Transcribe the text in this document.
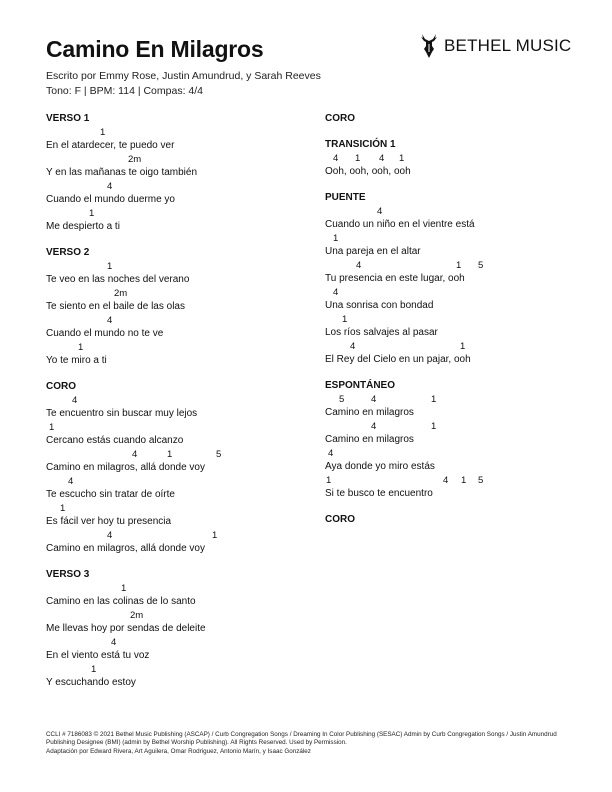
Camino En Milagros
Escrito por Emmy Rose, Justin Amundrud, y Sarah Reeves
Tono: F | BPM: 114 | Compas: 4/4
BETHEL MUSIC
VERSO 1
1
En el atardecer, te puedo ver
2m
Y en las mañanas te oigo también
4
Cuando el mundo duerme yo
1
Me despierto a ti
VERSO 2
1
Te veo en las noches del verano
2m
Te siento en el baile de las olas
4
Cuando el mundo no te ve
1
Yo te miro a ti
CORO
4
Te encuentro sin buscar muy lejos
1
Cercano estás cuando alcanzo

4

	1

	5

Camino en milagros, allá donde voy
4
Te escucho sin tratar de oírte
1
Es fácil ver hoy tu presencia

4

	1

Camino en milagros, allá donde voy
VERSO 3
1
Camino en las colinas de lo santo
2m
Me llevas hoy por sendas de deleite
4
En el viento está tu voz
1
Y escuchando estoy
CORO
TRANSICIÓN 1

4

1

4

1

Ooh, ooh, ooh, ooh
PUENTE
4
Cuando un niño en el vientre está
1
Una pareja en el altar

4

	1

5

Tu presencia en este lugar, ooh
4
Una sonrisa con bondad
1
Los ríos salvajes al pasar

4

	1

El Rey del Cielo en un pajar, ooh
ESPONTÁNEO

5

	4

	1

Camino en milagros

4

	1

Camino en milagros
4
Aya donde yo miro estás

1

	4

1

5

Si te busco te encuentro
CORO
CCLI # 7186083 © 2021 Bethel Music Publishing (ASCAP) / Curb Congregation Songs / Dreaming In Color Publishing (SESAC) Admin by Curb Congregation Songs / Justin Amundrud Publishing Designee (BMI) (admin by Bethel Worship Publishing). All Rights Reserved. Used by Permission.
Adaptación por Edward Rivera, Art Aguilera, Omar Rodriguez, Antonio Marín, y Isaac González
